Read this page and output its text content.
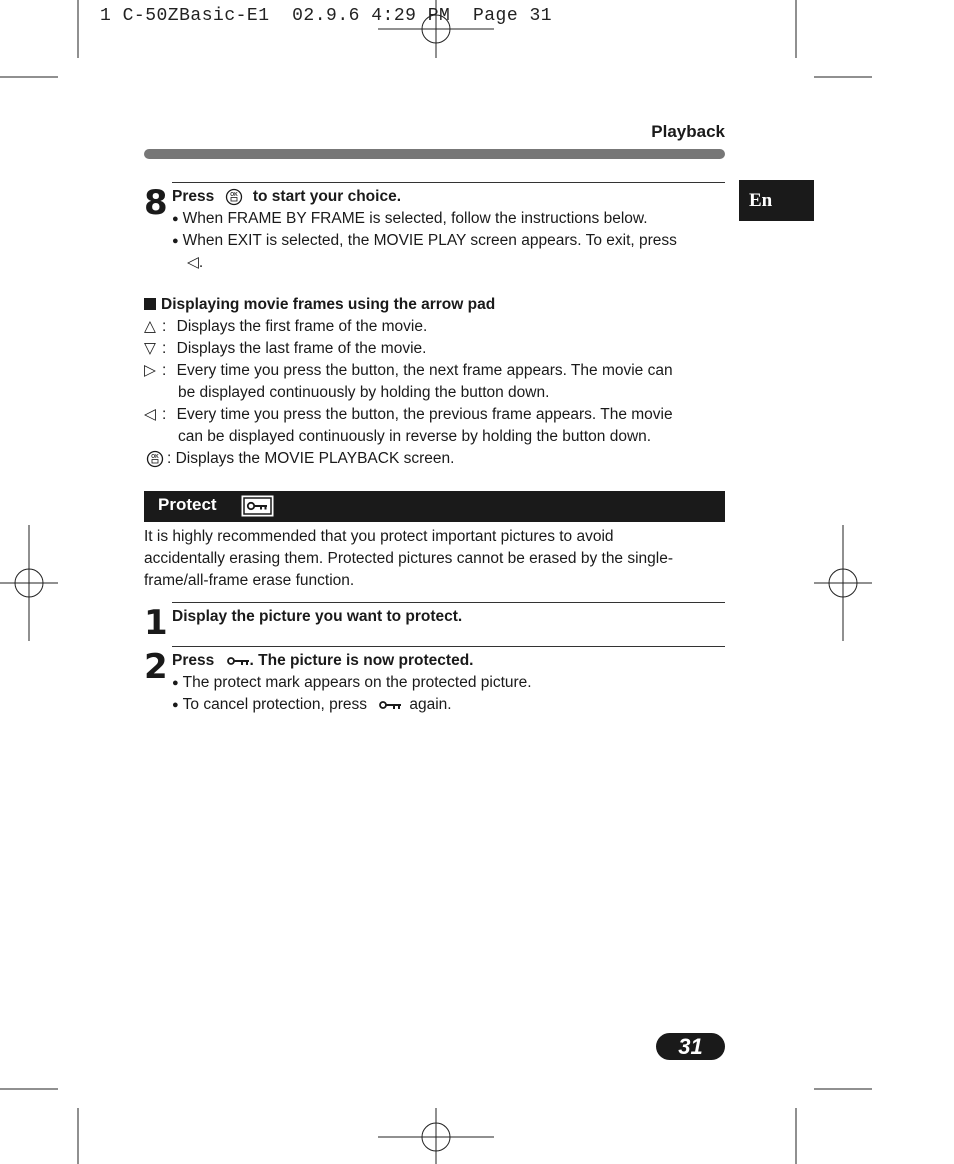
1 C-50ZBasic-E1  02.9.6 4:29 PM  Page 31
Playback
En
8 Press	OK to start your choice.
● When FRAME BY FRAME is selected, follow the instructions below.
● When EXIT is selected, the MOVIE PLAY screen appears. To exit, press
◁.
Displaying movie frames using the arrow pad
△ : Displays the first frame of the movie.
▽ : Displays the last frame of the movie.
▷ : Every time you press the button, the next frame appears. The movie can
be displayed continuously by holding the button down.
◁ : Every time you press the button, the previous frame appears. The movie
can be displayed continuously in reverse by holding the button down.
OK : Displays the MOVIE PLAYBACK screen.
Protect
It is highly recommended that you protect important pictures to avoid
accidentally erasing them. Protected pictures cannot be erased by the single-
frame/all-frame erase function.
1 Display the picture you want to protect.
2 Press . The picture is now protected.
● The protect mark appears on the protected picture.
● To cancel protection, press	again.
31
